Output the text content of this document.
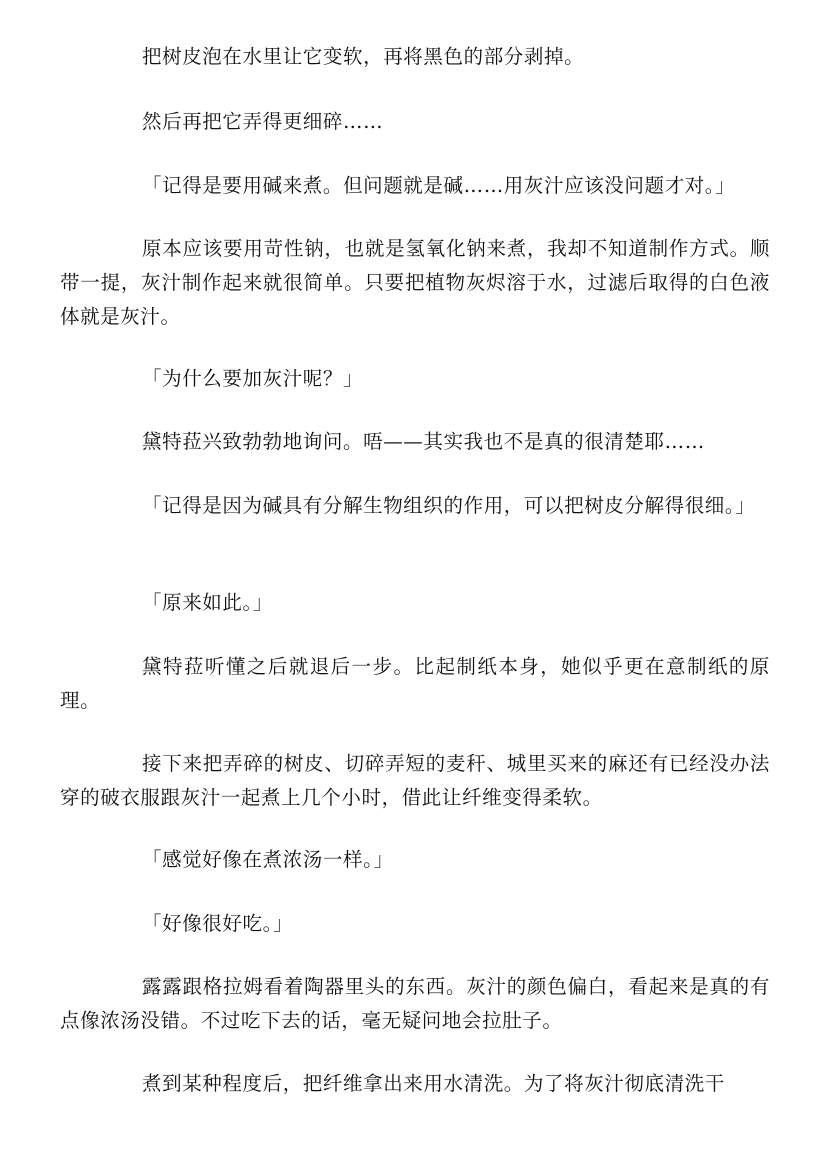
把树皮泡在水里让它变软，再将黑色的部分剥掉。

然后再把它弄得更细碎……

「记得是要用碱来煮。但问题就是碱……用灰汁应该没问题才对。」

原本应该要用苛性钠，也就是氢氧化钠来煮，我却不知道制作方式。顺带一提，灰汁制作起来就很简单。只要把植物灰烬溶于水，过滤后取得的白色液体就是灰汁。

「为什么要加灰汁呢？」

黛特菈兴致勃勃地询问。唔——其实我也不是真的很清楚耶……

「记得是因为碱具有分解生物组织的作用，可以把树皮分解得很细。」

「原来如此。」

黛特菈听懂之后就退后一步。比起制纸本身，她似乎更在意制纸的原理。

接下来把弄碎的树皮、切碎弄短的麦秆、城里买来的麻还有已经没办法穿的破衣服跟灰汁一起煮上几个小时，借此让纤维变得柔软。

「感觉好像在煮浓汤一样。」

「好像很好吃。」

露露跟格拉姆看着陶器里头的东西。灰汁的颜色偏白，看起来是真的有点像浓汤没错。不过吃下去的话，毫无疑问地会拉肚子。

煮到某种程度后，把纤维拿出来用水清洗。为了将灰汁彻底清洗干
